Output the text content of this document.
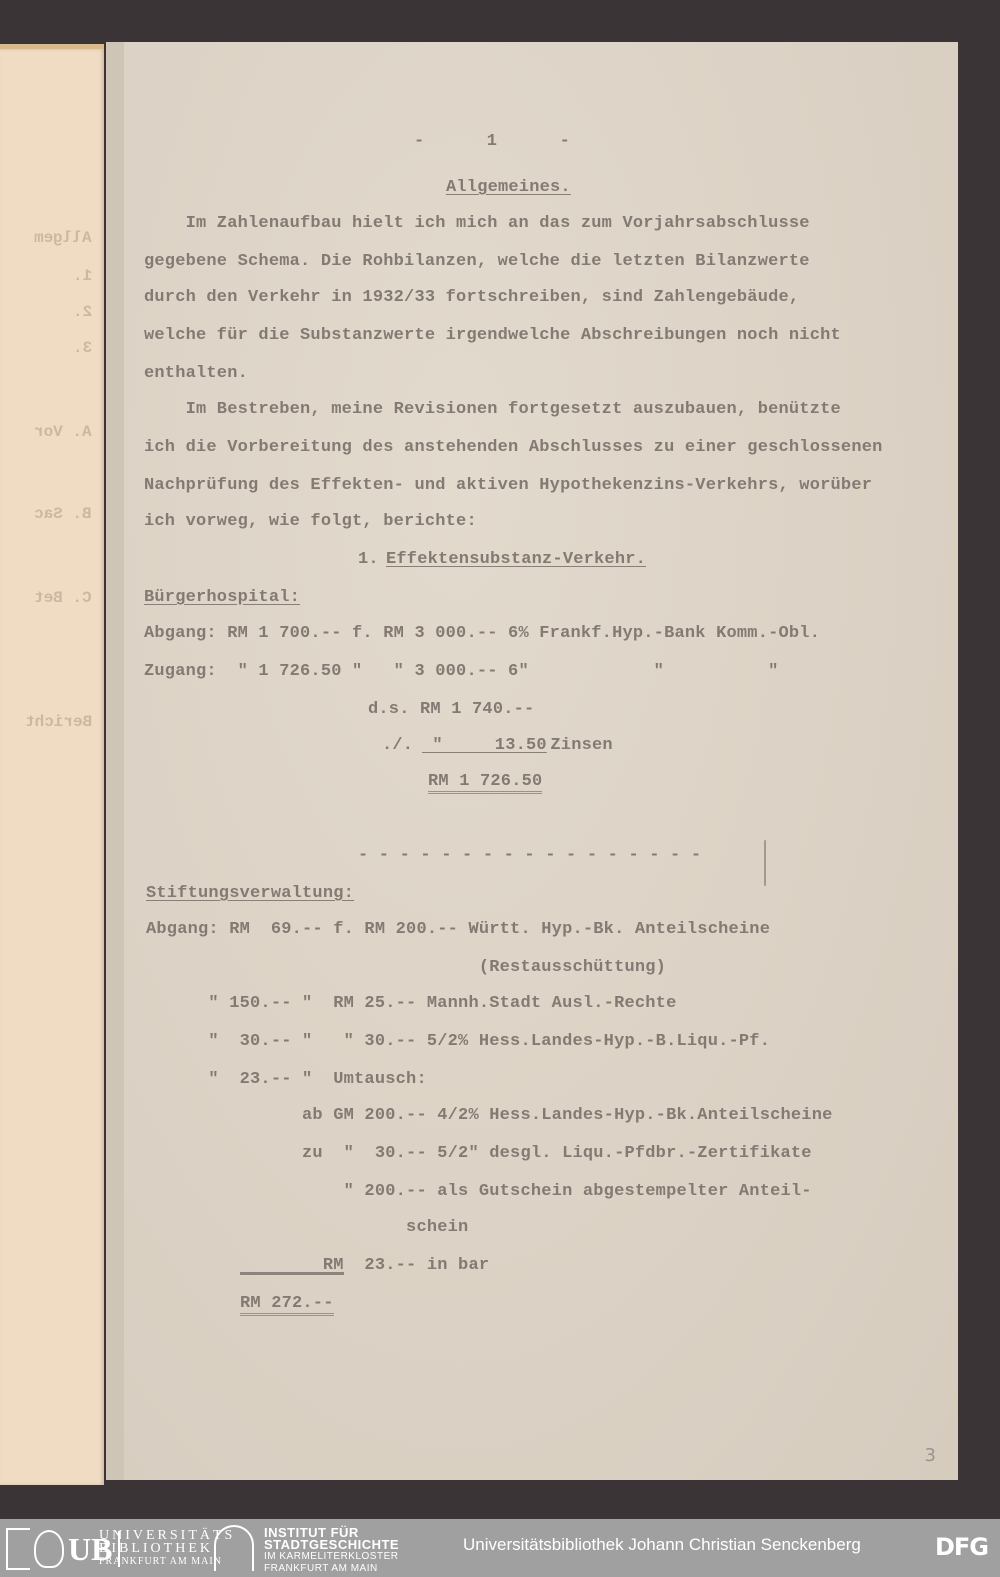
Allgem
1.
2.
3.
A. Vor
B. Sac
C. Bet
Bericht
-      1      -
Allgemeines.
Im Zahlenaufbau hielt ich mich an das zum Vorjahrsabschlusse
gegebene Schema. Die Rohbilanzen, welche die letzten Bilanzwerte
durch den Verkehr in 1932/33 fortschreiben, sind Zahlengebäude,
welche für die Substanzwerte irgendwelche Abschreibungen noch nicht
enthalten.
Im Bestreben, meine Revisionen fortgesetzt auszubauen, benützte
ich die Vorbereitung des anstehenden Abschlusses zu einer geschlossenen
Nachprüfung des Effekten- und aktiven Hypothekenzins-Verkehrs, worüber
ich vorweg, wie folgt, berichte:
1. Effektensubstanz-Verkehr.
Bürgerhospital:
Abgang: RM 1 700.-- f. RM 3 000.-- 6% Frankf.Hyp.-Bank Komm.-Obl.
Zugang:  " 1 726.50 "   " 3 000.-- 6"            "          "
d.s. RM 1 740.--
./. "     13.50
Zinsen
RM 1 726.50
- - - - - - - - - - - - - - - - -
Stiftungsverwaltung:
Abgang: RM  69.-- f. RM 200.-- Württ. Hyp.-Bk. Anteilscheine
(Restausschüttung)
" 150.-- "  RM 25.-- Mannh.Stadt Ausl.-Rechte
"  30.-- "   " 30.-- 5/2% Hess.Landes-Hyp.-B.Liqu.-Pf.
"  23.-- "  Umtausch:
ab GM 200.-- 4/2% Hess.Landes-Hyp.-Bk.Anteilscheine
zu  "  30.-- 5/2" desgl. Liqu.-Pfdbr.-Zertifikate
" 200.-- als Gutschein abgestempelter Anteil-
schein
RM  23.-- in bar
RM 272.--
3
UB
UNIVERSITÄTS
BIBLIOTHEK
FRANKFURT AM MAIN
INSTITUT FÜR
STADTGESCHICHTE
IM KARMELITERKLOSTER
FRANKFURT AM MAIN
Universitätsbibliothek Johann Christian Senckenberg	DFG
